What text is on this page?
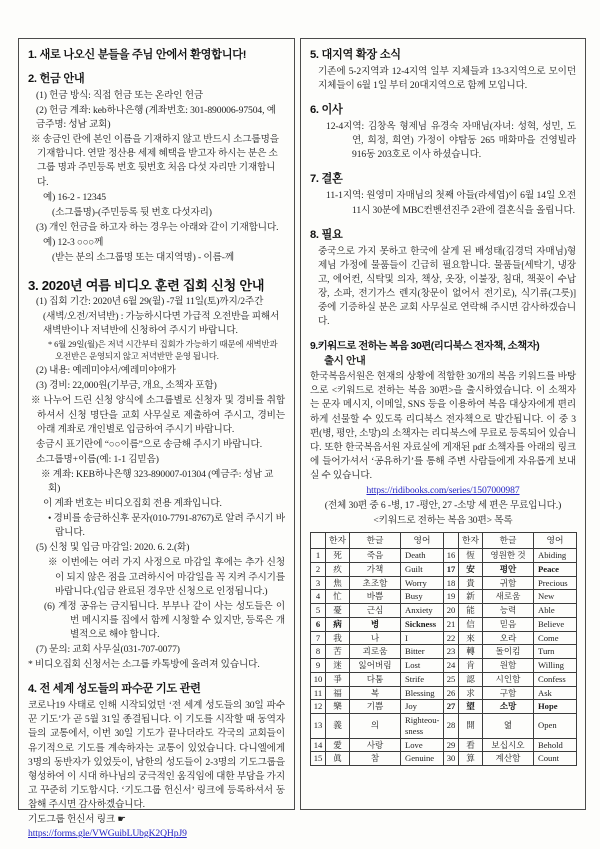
1. 새로 나오신 분들을 주님 안에서 환영합니다!
2. 헌금 안내

(1) 헌금 방식: 직접 헌금 또는 온라인 헌금

(2) 헌금 계좌: keb하나은행 (계좌번호: 301-890006-97504, 예금주명: 성남 교회)

※ 송금인 란에 본인 이름을 기재하지 않고 반드시 소그룹명을 기재합니다. 연말 정산용 세제 혜택을 받고자 하시는 분은 소그룹 명과 주민등록 번호 뒷번호 처음 다섯 자리만 기재합니다.

예) 16-2 - 12345

(소그룹명)-(주민등록 뒷 번호 다섯자리)

(3) 개인 헌금을 하고자 하는 경우는 아래와 같이 기재합니다.

예) 12-3 ○○○께

(받는 분의 소그룹명 또는 대지역명) - 이름-께

3. 2020년 여름 비디오 훈련 집회 신청 안내

(1) 집회 기간: 2020년 6월 29(월) -7월 11일(토)까지/2주간

(새벽/오전/저녁반) : 가능하시다면 가급적 오전반을 피해서 새벽반이나 저녁반에 신청하여 주시기 바랍니다.

* 6월 29일(월)은 저녁 시간부터 집회가 가능하기 때문에 새벽반과 오전반은 운영되지 않고 저녁반만 운영 됩니다.

(2) 내용: 예레미야서/예레미야애가

(3) 경비: 22,000원(기부금, 개요, 소책자 포함)

※ 나누어 드린 신청 양식에 소그룹별로 신청자 및 경비를 취합하셔서 신청 명단을 교회 사무실로 제출하여 주시고, 경비는 아래 계좌로 개인별로 입금하여 주시기 바랍니다.

송금시 표기란에 “○○이름”으로 송금해 주시기 바랍니다.

소그룹명+이름(예: 1-1 김믿음)

※ 계좌: KEB하나은행 323-890007-01304 (예금주: 성남 교회)

이 계좌 번호는 비디오집회 전용 계좌입니다.

• 경비를 송금하신후 문자(010-7791-8767)로 알려 주시기 바랍니다.

(5) 신청 및 입금 마감일: 2020. 6. 2.(화)

※ 이번에는 여러 가지 사정으로 마감일 후에는 추가 신청이 되지 않은 점을 고려하시어 마감일을 꼭 지켜 주시기를 바랍니다.(입금 완료된 경우만 신청으로 인정됩니다.)

(6) 계정 공유는 금지됩니다. 부부나 같이 사는 성도들은 이번 메시지를 집에서 함께 시청할 수 있지만, 등록은 개별적으로 해야 합니다.

(7) 문의: 교회 사무실(031-707-0077)

* 비디오집회 신청서는 소그룹 카톡방에 올려져 있습니다.

4. 전 세계 성도들의 파수꾼 기도 관련

코로나19 사태로 인해 시작되었던 ‘전 세계 성도들의 30일 파수꾼 기도’가 곧 5월 31일 종결됩니다. 이 기도를 시작할 때 동역자들의 교통에서, 이번 30일 기도가 끝나더라도 각국의 교회들이 유기적으로 기도를 계속하자는 교통이 있었습니다. 다니엘에게 3명의 동반자가 있었듯이, 남한의 성도들이 2-3명의 기도그룹을 형성하여 이 시대 하나님의 궁극적인 움직임에 대한 부담을 가지고 꾸준히 기도합시다. ‘기도그룹 헌신서’ 링크에 등록하셔서 동참해 주시면 감사하겠습니다.

기도그룹 헌신서 링크 ☛ https://forms.gle/VWGuibLUbgK2QHpJ9

5. 대지역 확장 소식

기존에 5-2지역과 12-4지역 일부 지체들과 13-3지역으로 모이던 지체들이 6월 1일 부터 20대지역으로 함께 모입니다.

6. 이사

12-4지역: 김창옥 형제님 유경숙 자매님(자녀: 성혁, 성민, 도연, 희정, 희연) 가정이 야탑동 265 매화마을 건영빌라 916동 203호로 이사 하셨습니다.

7. 결혼

11-1지역: 원영미 자매님의 첫째 아들(라세엽)이 6월 14일 오전 11시 30분에 MBC컨벤션진주 2관에 결혼식을 올립니다.

8. 필요

중국으로 가지 못하고 한국에 살게 된 배성태(김경덕 자매님)형제님 가정에 물품들이 긴급히 필요합니다. 물품들[세탁기, 냉장고, 에어컨, 식탁및 의자, 책상, 옷장, 이불장, 침대, 책꽂이 수납장, 소파, 전기가스 렌지(창문이 없어서 전기로), 식기류(그릇)] 중에 기증하실 분은 교회 사무실로 연락해 주시면 감사하겠습니다.

9.키워드로 전하는 복음 30편(리디북스 전자책, 소책자)
출시 안내

한국복음서원은 현재의 상황에 적합한 30개의 복음 키워드를 바탕으로 <키워드로 전하는 복음 30편>을 출시하였습니다. 이 소책자는 문자 메시지, 이메일, SNS 등을 이용하여 복음 대상자에게 편리하게 선물할 수 있도록 리디북스 전자책으로 발간됩니다. 이 중 3편(병, 평안, 소망)의 소책자는 리디북스에 무료로 등록되어 있습니다. 또한 한국복음서원 자료실에 게재된 pdf 소책자를 아래의 링크에 들어가셔서 ‘공유하기’를 통해 주변 사람들에게 자유롭게 보내실 수 있습니다.

https://ridibooks.com/series/1507000987

(전체 30편 중 6 -병, 17 -평안, 27 -소망 세 편은 무료입니다.)

<키워드로 전하는 복음 30편> 목록

	한자	한글	영어		한자	한글	영어
1	死	죽음	Death	16	恆	영원한 것	Abiding
2	疚	가책	Guilt	17	安	평안	Peace
3	焦	초조함	Worry	18	貴	귀함	Precious
4	忙	바쁨	Busy	19	新	새로움	New
5	憂	근심	Anxiety	20	能	능력	Able
6	病	병	Sickness	21	信	믿음	Believe
7	我	나	I	22	來	오라	Come
8	苦	괴로움	Bitter	23	轉	돌이킴	Turn
9	迷	잃어버림	Lost	24	肯	원함	Willing
10	爭	다툼	Strife	25	認	시인함	Confess
11	福	복	Blessing	26	求	구함	Ask
12	樂	기쁨	Joy	27	望	소망	Hope
13	義	의	Righteou-sness	28	開	엶	Open
14	愛	사랑	Love	29	看	보십시오	Behold
15	眞	참	Genuine	30	算	계산함	Count
